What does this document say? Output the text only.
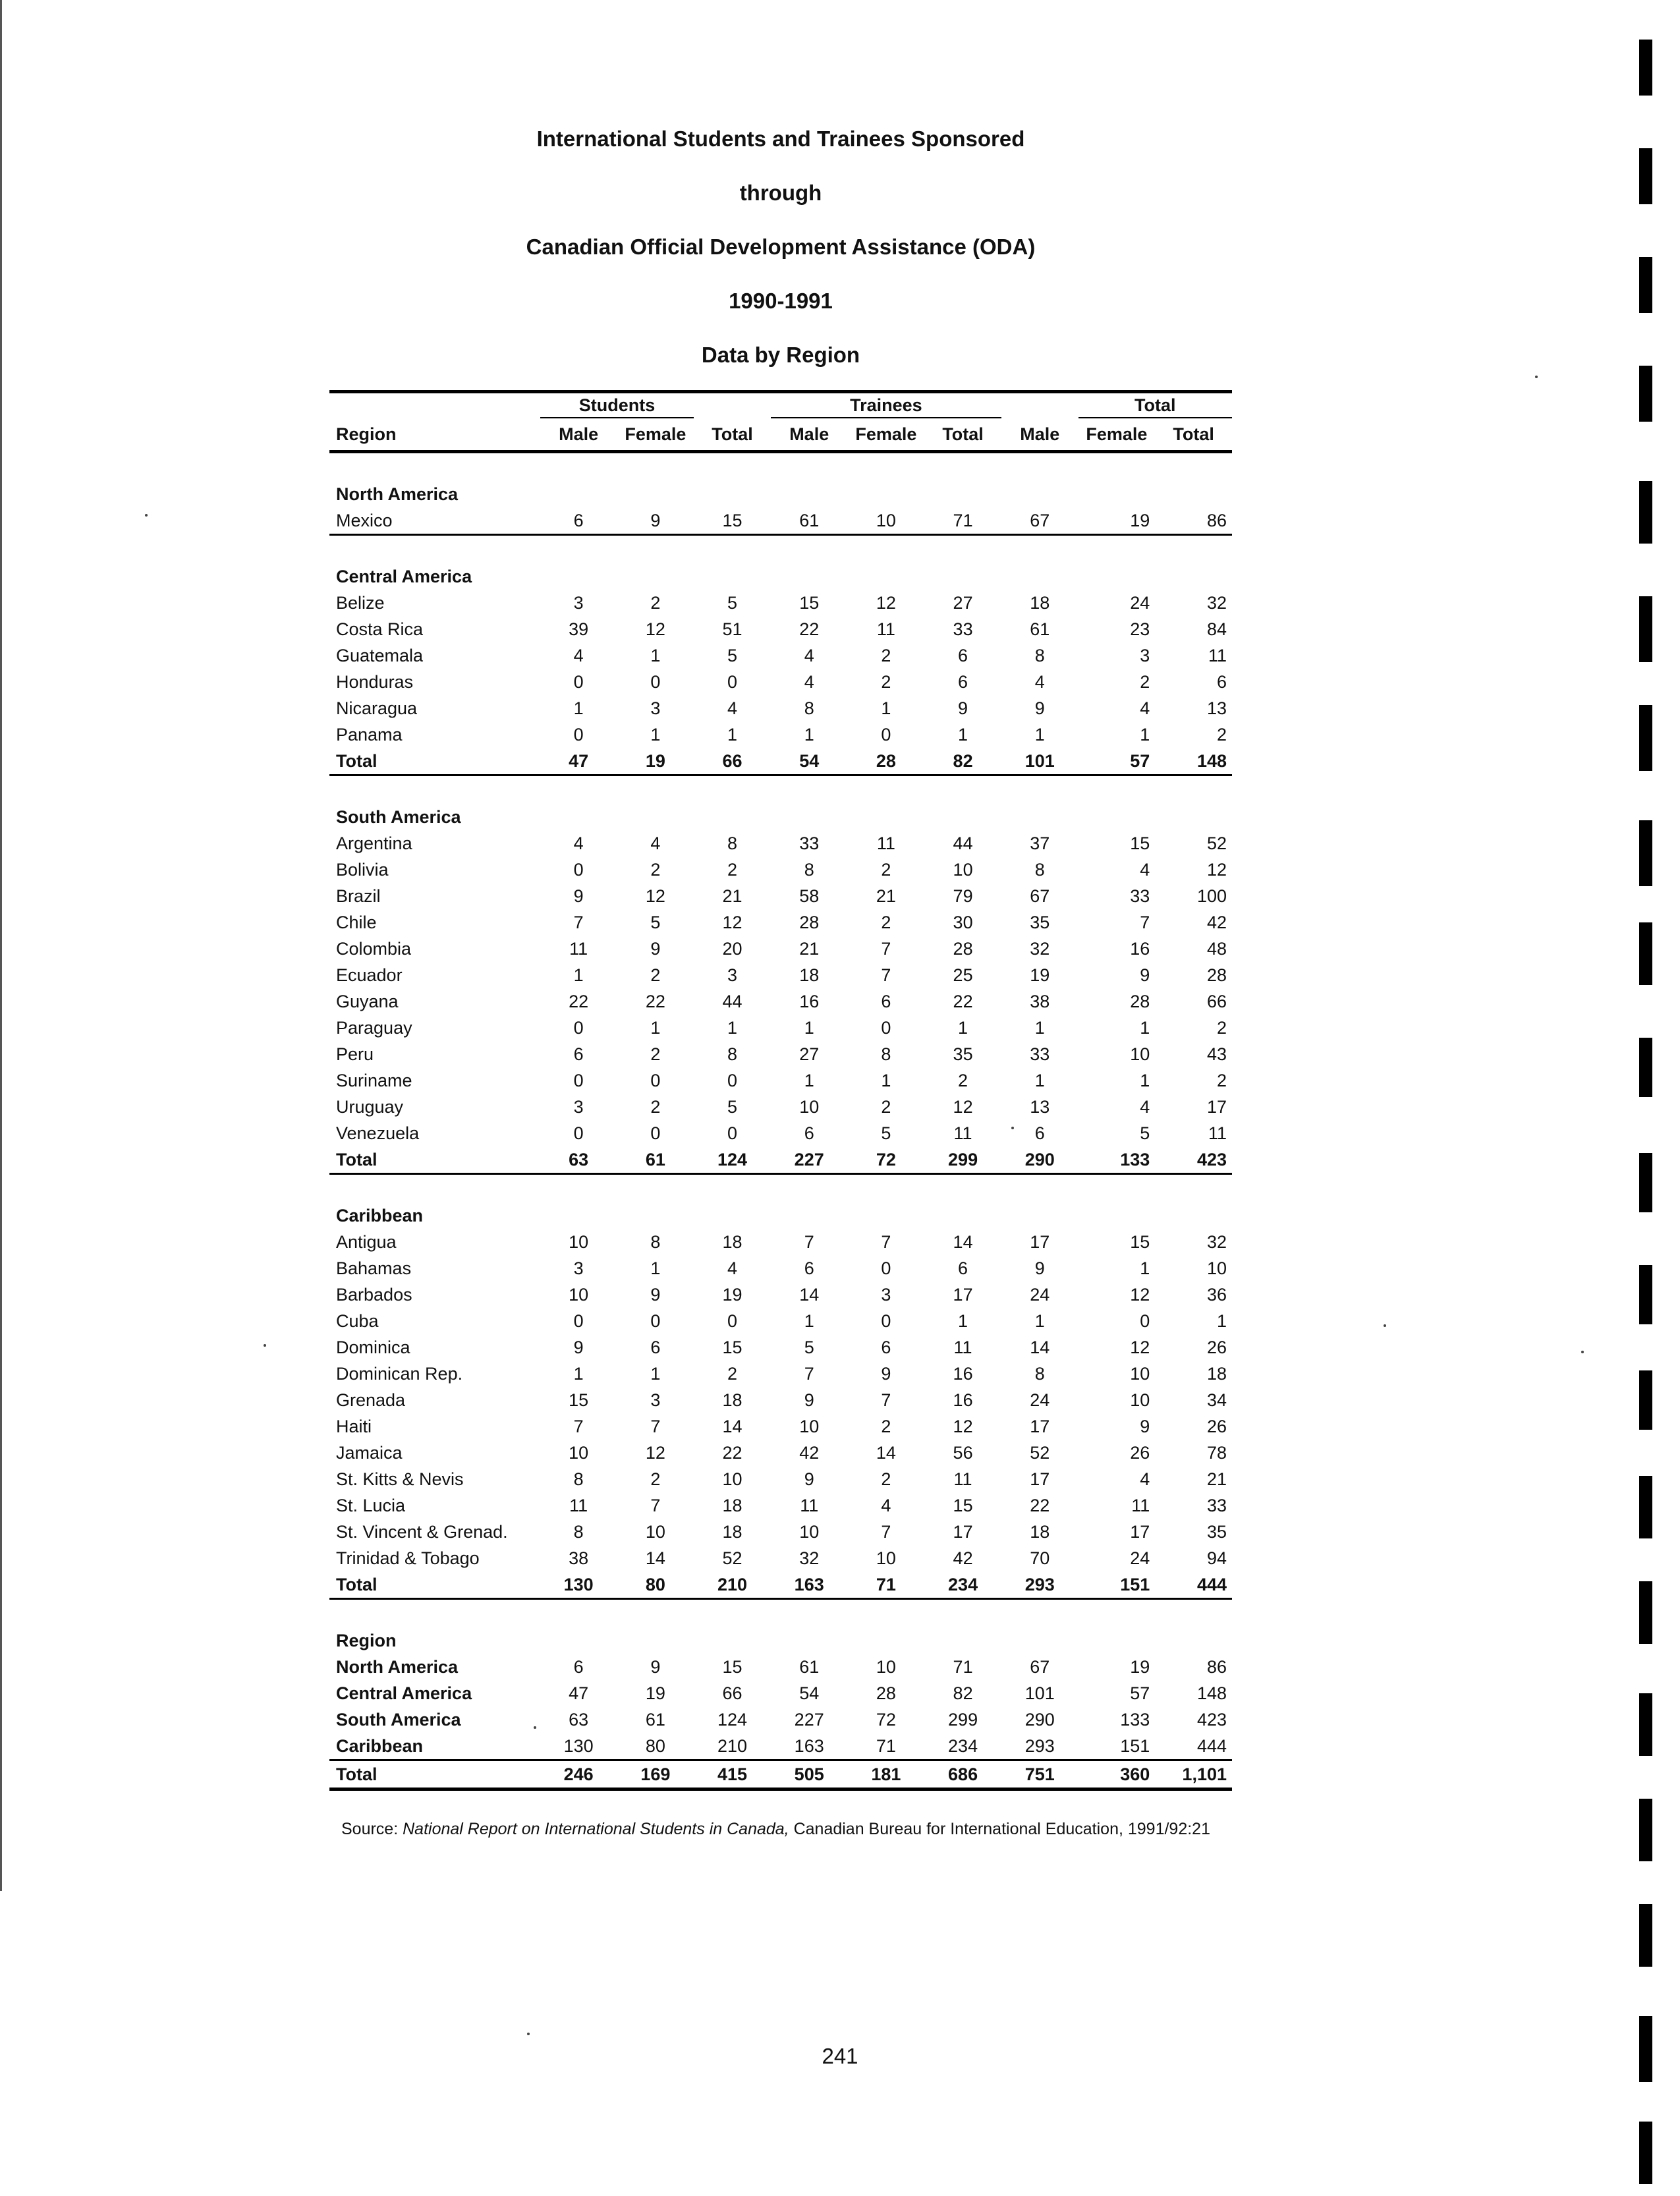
International Students and Trainees Sponsored
through
Canadian Official Development Assistance (ODA)
1990-1991
Data by Region
	Students			Trainees				Total	
Region	Male	Female	Total	Male	Female	Total	Male	Female	Total

North America									
Mexico	6	9	15	61	10	71	67	19	86

Central America									
Belize	3	2	5	15	12	27	18	24	32
Costa Rica	39	12	51	22	11	33	61	23	84
Guatemala	4	1	5	4	2	6	8	3	11
Honduras	0	0	0	4	2	6	4	2	6
Nicaragua	1	3	4	8	1	9	9	4	13
Panama	0	1	1	1	0	1	1	1	2
Total	47	19	66	54	28	82	101	57	148

South America									
Argentina	4	4	8	33	11	44	37	15	52
Bolivia	0	2	2	8	2	10	8	4	12
Brazil	9	12	21	58	21	79	67	33	100
Chile	7	5	12	28	2	30	35	7	42
Colombia	11	9	20	21	7	28	32	16	48
Ecuador	1	2	3	18	7	25	19	9	28
Guyana	22	22	44	16	6	22	38	28	66
Paraguay	0	1	1	1	0	1	1	1	2
Peru	6	2	8	27	8	35	33	10	43
Suriname	0	0	0	1	1	2	1	1	2
Uruguay	3	2	5	10	2	12	13	4	17
Venezuela	0	0	0	6	5	11	6	5	11
Total	63	61	124	227	72	299	290	133	423

Caribbean									
Antigua	10	8	18	7	7	14	17	15	32
Bahamas	3	1	4	6	0	6	9	1	10
Barbados	10	9	19	14	3	17	24	12	36
Cuba	0	0	0	1	0	1	1	0	1
Dominica	9	6	15	5	6	11	14	12	26
Dominican Rep.	1	1	2	7	9	16	8	10	18
Grenada	15	3	18	9	7	16	24	10	34
Haiti	7	7	14	10	2	12	17	9	26
Jamaica	10	12	22	42	14	56	52	26	78
St. Kitts & Nevis	8	2	10	9	2	11	17	4	21
St. Lucia	11	7	18	11	4	15	22	11	33
St. Vincent & Grenad.	8	10	18	10	7	17	18	17	35
Trinidad & Tobago	38	14	52	32	10	42	70	24	94
Total	130	80	210	163	71	234	293	151	444

Region									
North America	6	9	15	61	10	71	67	19	86
Central America	47	19	66	54	28	82	101	57	148
South America	63	61	124	227	72	299	290	133	423
Caribbean	130	80	210	163	71	234	293	151	444
Total	246	169	415	505	181	686	751	360	1,101
Source: National Report on International Students in Canada, Canadian Bureau for International Education, 1991/92:21
241
